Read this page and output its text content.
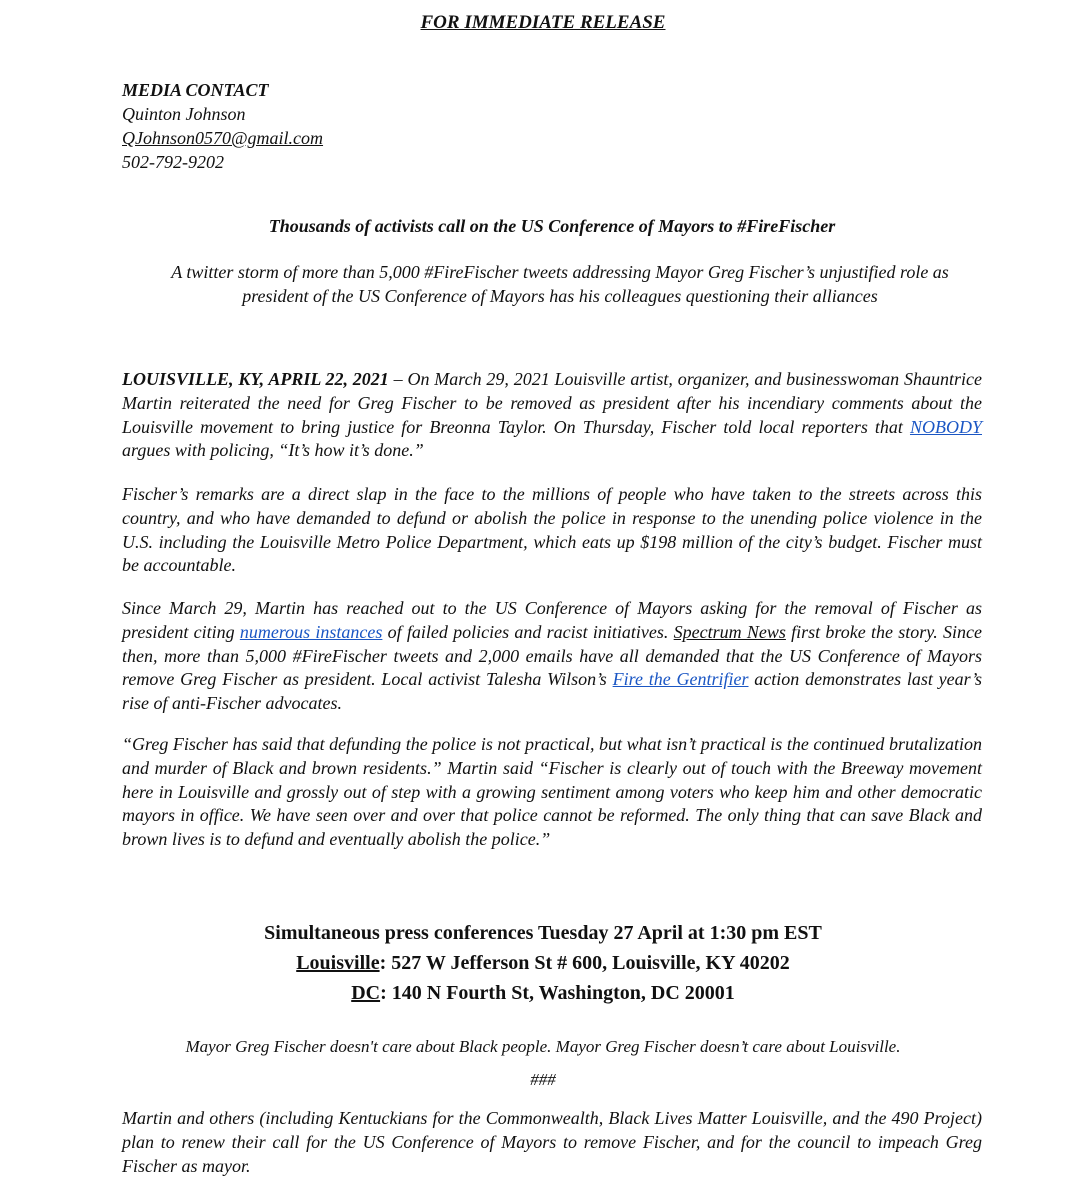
FOR IMMEDIATE RELEASE
MEDIA CONTACT
Quinton Johnson
QJohnson0570@gmail.com
502-792-9202
Thousands of activists call on the US Conference of Mayors to #FireFischer
A twitter storm of more than 5,000 #FireFischer tweets addressing Mayor Greg Fischer’s unjustified role as president of the US Conference of Mayors has his colleagues questioning their alliances
LOUISVILLE, KY, APRIL 22, 2021 – On March 29, 2021 Louisville artist, organizer, and businesswoman Shauntrice Martin reiterated the need for Greg Fischer to be removed as president after his incendiary comments about the Louisville movement to bring justice for Breonna Taylor. On Thursday, Fischer told local reporters that NOBODY argues with policing, “It’s how it’s done.”
Fischer’s remarks are a direct slap in the face to the millions of people who have taken to the streets across this country, and who have demanded to defund or abolish the police in response to the unending police violence in the U.S. including the Louisville Metro Police Department, which eats up $198 million of the city’s budget. Fischer must be accountable.
Since March 29, Martin has reached out to the US Conference of Mayors asking for the removal of Fischer as president citing numerous instances of failed policies and racist initiatives. Spectrum News first broke the story. Since then, more than 5,000 #FireFischer tweets and 2,000 emails have all demanded that the US Conference of Mayors remove Greg Fischer as president. Local activist Talesha Wilson’s Fire the Gentrifier action demonstrates last year’s rise of anti-Fischer advocates.
“Greg Fischer has said that defunding the police is not practical, but what isn’t practical is the continued brutalization and murder of Black and brown residents.” Martin said “Fischer is clearly out of touch with the Breeway movement here in Louisville and grossly out of step with a growing sentiment among voters who keep him and other democratic mayors in office. We have seen over and over that police cannot be reformed. The only thing that can save Black and brown lives is to defund and eventually abolish the police.”
Simultaneous press conferences Tuesday 27 April at 1:30 pm EST
Louisville: 527 W Jefferson St # 600, Louisville, KY 40202
DC: 140 N Fourth St, Washington, DC 20001
Mayor Greg Fischer doesn't care about Black people. Mayor Greg Fischer doesn’t care about Louisville.
###
Martin and others (including Kentuckians for the Commonwealth, Black Lives Matter Louisville, and the 490 Project) plan to renew their call for the US Conference of Mayors to remove Fischer, and for the council to impeach Greg Fischer as mayor.
